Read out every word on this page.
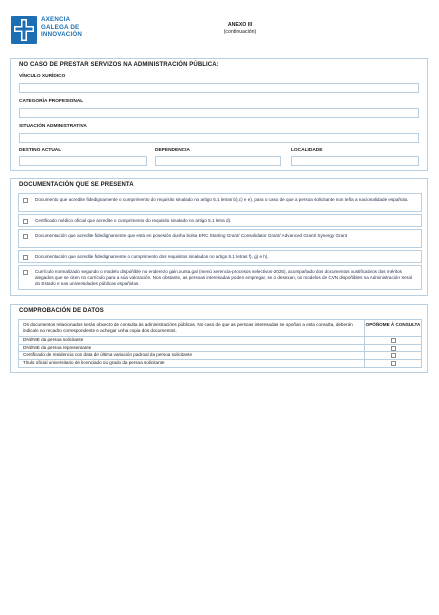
AXENCIA
GALEGA DE
INNOVACIÓN
ANEXO III
(continuación)
NO CASO DE PRESTAR SERVIZOS NA ADMINISTRACIÓN PÚBLICA:
VÍNCULO XURÍDICO
CATEGORÍA PROFESIONAL
SITUACIÓN ADMINISTRATIVA
DESTINO ACTUAL	DEPENDENCIA	LOCALIDADE
DOCUMENTACIÓN QUE SE PRESENTA
Documento que acredite fidedignamente o cumprimento do requisito sinalado no artigo 5.1 letras b),c) e e), para o caso de que a persoa solicitante non teña a nacionalidade española.
Certificado médico oficial que acredite o cumprimento do requisito sinalado no artigo 5.1 letra d).
Documentación que acredite fidedignamente que está en posesión dunha bolsa ERC Starting Grant/ Consolidator Grant/ Advanced Grant/ Synergy Grant
Documentación que acredite fidedignamente o cumprimento dos requisitos sinalados no artigo 5.1 letras f), g) e h).
Currículo normalizado segundo o modelo dispoñible no enderezo gain.xunta.gal (menú xerencia-procesos selectivos-2025), acompañado dos documentos xustificativos dos méritos alegados que se citen no currículo para a súa valoración. Non obstante, as persoas interesadas poden empregar, se o desexan, os modelos de CVN dispoñibles na Administración Xeral do Estado e nas universidades públicas españolas.
COMPROBACIÓN DE DATOS
Os documentos relacionados serán obxecto de consulta ás administracións públicas. No caso de que as persoas interesadas se opoñan a esta consulta, deberán indicalo no recadro correspondente e achegar unha copia dos documentos.
OPÓÑOME Á CONSULTA
DNI/NIE da persoa solicitante
DNI/NIE da persoa representante
Certificado de residencia con data de última variación padroal da persoa solicitante
Título oficial universitario de licenciado ou grado da persoa solicitante
